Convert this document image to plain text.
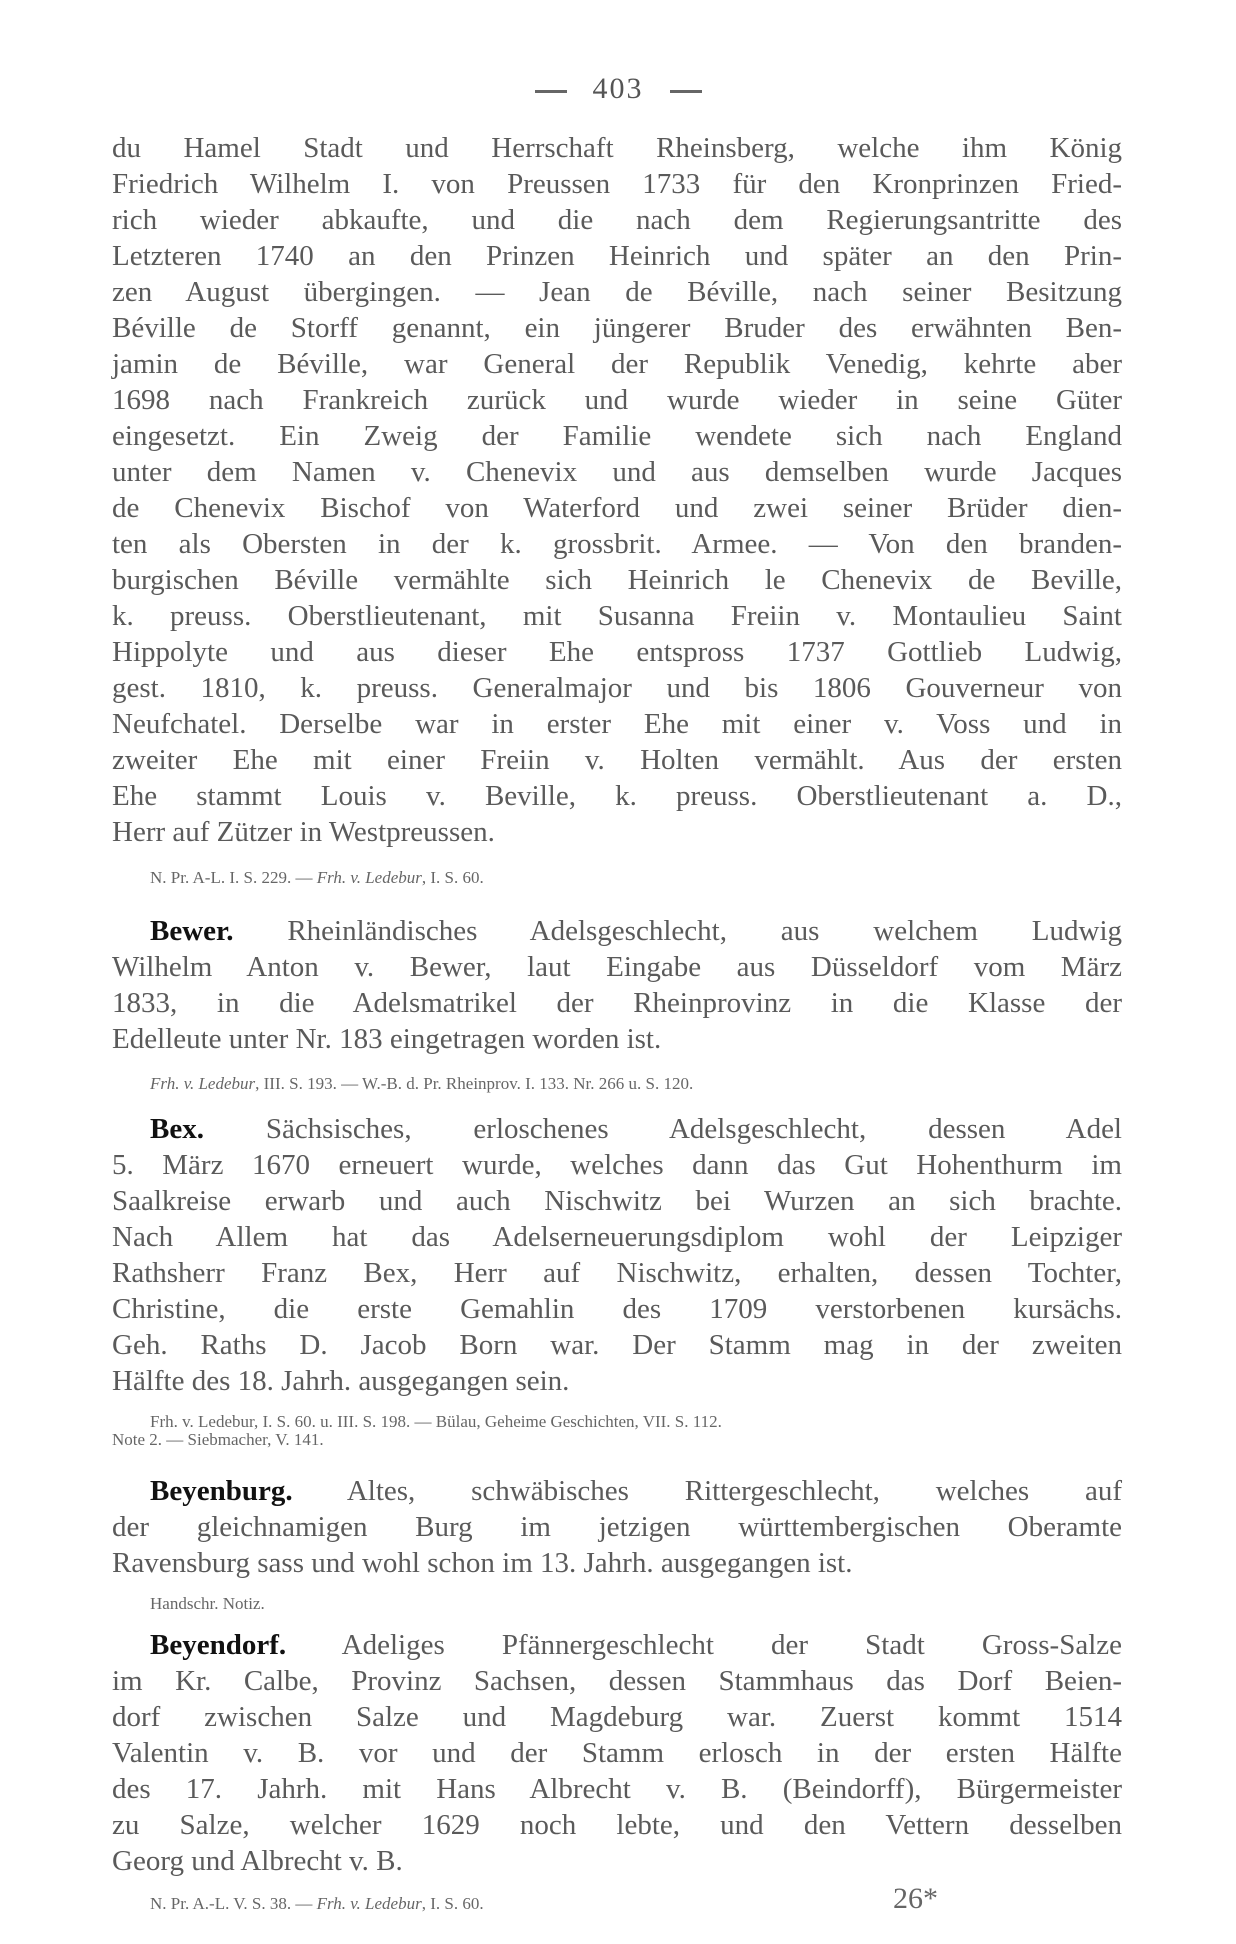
403
du Hamel Stadt und Herrschaft Rheinsberg, welche ihm König
Friedrich Wilhelm I. von Preussen 1733 für den Kronprinzen Fried-
rich wieder abkaufte, und die nach dem Regierungsantritte des
Letzteren 1740 an den Prinzen Heinrich und später an den Prin-
zen August übergingen. — Jean de Béville, nach seiner Besitzung
Béville de Storff genannt, ein jüngerer Bruder des erwähnten Ben-
jamin de Béville, war General der Republik Venedig, kehrte aber
1698 nach Frankreich zurück und wurde wieder in seine Güter
eingesetzt. Ein Zweig der Familie wendete sich nach England
unter dem Namen v. Chenevix und aus demselben wurde Jacques
de Chenevix Bischof von Waterford und zwei seiner Brüder dien-
ten als Obersten in der k. grossbrit. Armee. — Von den branden-
burgischen Béville vermählte sich Heinrich le Chenevix de Beville,
k. preuss. Oberstlieutenant, mit Susanna Freiin v. Montaulieu Saint
Hippolyte und aus dieser Ehe entspross 1737 Gottlieb Ludwig,
gest. 1810, k. preuss. Generalmajor und bis 1806 Gouverneur von
Neufchatel. Derselbe war in erster Ehe mit einer v. Voss und in
zweiter Ehe mit einer Freiin v. Holten vermählt. Aus der ersten
Ehe stammt Louis v. Beville, k. preuss. Oberstlieutenant a. D.,
Herr auf Zützer in Westpreussen.
N. Pr. A-L. I. S. 229. — Frh. v. Ledebur, I. S. 60.
Bewer. Rheinländisches Adelsgeschlecht, aus welchem Ludwig
Wilhelm Anton v. Bewer, laut Eingabe aus Düsseldorf vom März
1833, in die Adelsmatrikel der Rheinprovinz in die Klasse der
Edelleute unter Nr. 183 eingetragen worden ist.
Frh. v. Ledebur, III. S. 193. — W.-B. d. Pr. Rheinprov. I. 133. Nr. 266 u. S. 120.
Bex. Sächsisches, erloschenes Adelsgeschlecht, dessen Adel
5. März 1670 erneuert wurde, welches dann das Gut Hohenthurm im
Saalkreise erwarb und auch Nischwitz bei Wurzen an sich brachte.
Nach Allem hat das Adelserneuerungsdiplom wohl der Leipziger
Rathsherr Franz Bex, Herr auf Nischwitz, erhalten, dessen Tochter,
Christine, die erste Gemahlin des 1709 verstorbenen kursächs.
Geh. Raths D. Jacob Born war. Der Stamm mag in der zweiten
Hälfte des 18. Jahrh. ausgegangen sein.
Frh. v. Ledebur, I. S. 60. u. III. S. 198. — Bülau, Geheime Geschichten, VII. S. 112.
Note 2. — Siebmacher, V. 141.
Beyenburg. Altes, schwäbisches Rittergeschlecht, welches auf
der gleichnamigen Burg im jetzigen württembergischen Oberamte
Ravensburg sass und wohl schon im 13. Jahrh. ausgegangen ist.
Handschr. Notiz.
Beyendorf. Adeliges Pfännergeschlecht der Stadt Gross-Salze
im Kr. Calbe, Provinz Sachsen, dessen Stammhaus das Dorf Beien-
dorf zwischen Salze und Magdeburg war. Zuerst kommt 1514
Valentin v. B. vor und der Stamm erlosch in der ersten Hälfte
des 17. Jahrh. mit Hans Albrecht v. B. (Beindorff), Bürgermeister
zu Salze, welcher 1629 noch lebte, und den Vettern desselben
Georg und Albrecht v. B.
N. Pr. A.-L. V. S. 38. — Frh. v. Ledebur, I. S. 60.	26*
